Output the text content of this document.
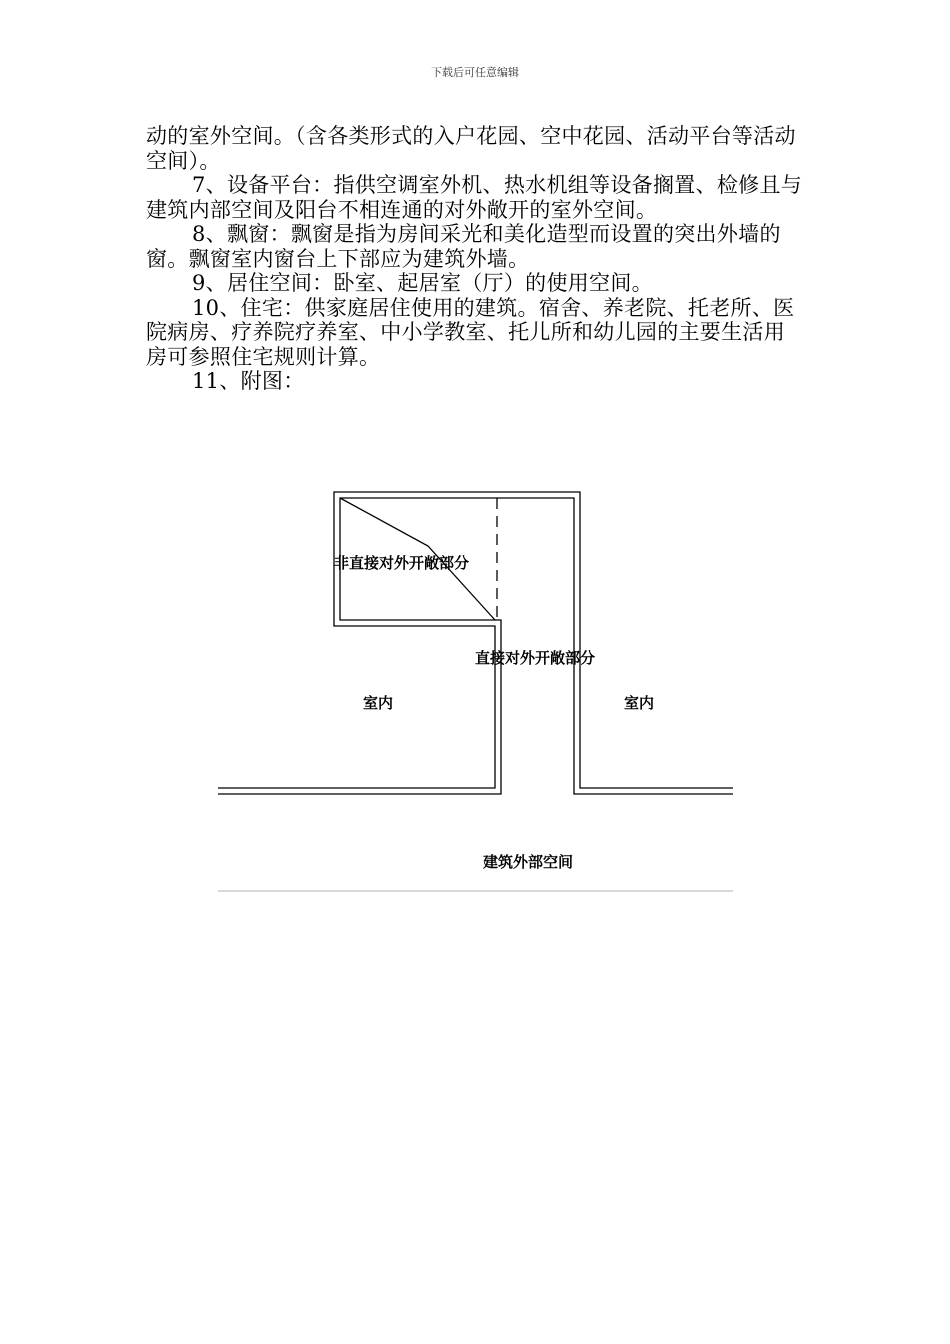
下载后可任意编辑

动的室外空间。（含各类形式的入户花园、空中花园、活动平台等活动空间）。

7、设备平台：指供空调室外机、热水机组等设备搁置、检修且与建筑内部空间及阳台不相连通的对外敞开的室外空间。

8、飘窗：飘窗是指为房间采光和美化造型而设置的突出外墙的窗。飘窗室内窗台上下部应为建筑外墙。

9、居住空间：卧室、起居室（厅）的使用空间。

10、住宅：供家庭居住使用的建筑。宿舍、养老院、托老所、医院病房、疗养院疗养室、中小学教室、托儿所和幼儿园的主要生活用房可参照住宅规则计算。

11、附图：

非直接对外开敞部分
直接对外开敞部分
室内	室内
建筑外部空间
